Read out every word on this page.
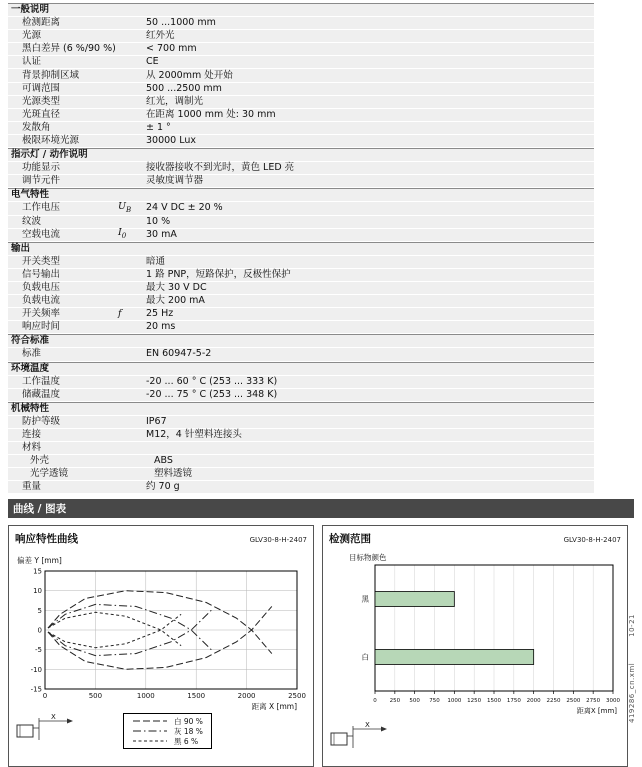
一般说明
检测距离	50 ...1000 mm
光源	红外光
黑白差异 (6 %/90 %)	< 700 mm
认证	CE
背景抑制区域	从 2000mm 处开始
可调范围	500 ...2500 mm
光源类型	红光，调制光
光斑直径	在距离 1000 mm 处: 30 mm
发散角	± 1 °
极限环境光源	30000 Lux
指示灯 / 动作说明
功能显示	接收器接收不到光时，黄色 LED 亮
调节元件	灵敏度调节器
电气特性
工作电压	$U_B$	24 V DC ± 20 %
纹波	10 %
空载电流	$I_0$	30 mA
输出
开关类型	暗通
信号输出	1 路 PNP，短路保护，反极性保护
负载电压	最大 30 V DC
负载电流	最大 200 mA
开关频率	f	25 Hz
响应时间	20 ms
符合标准
标准	EN 60947-5-2
环境温度
工作温度	-20 ... 60 ° C (253 ... 333 K)
储藏温度	-20 ... 75 ° C (253 ... 348 K)
机械特性
防护等级	IP67
连接	M12，4 针塑料连接头
材料
外壳	ABS
光学透镜	塑料透镜
重量	约 70 g
曲线 / 图表
响应特性曲线	GLV30-8-H-2407
偏差 Y [mm]
15
10
5
0
-5
-10
-15
0	500	1000	1500	2000	2500
距离 X [mm]
X	白 90 %
灰 18 %
黑 6 %
检测范围	GLV30-8-H-2407
目标物颜色
黑
白
0 250 500 750 1000 1250 1500 1750 2000 2250 2500 2750 3000
距离X [mm]
X
419286_cn.xml10-21
